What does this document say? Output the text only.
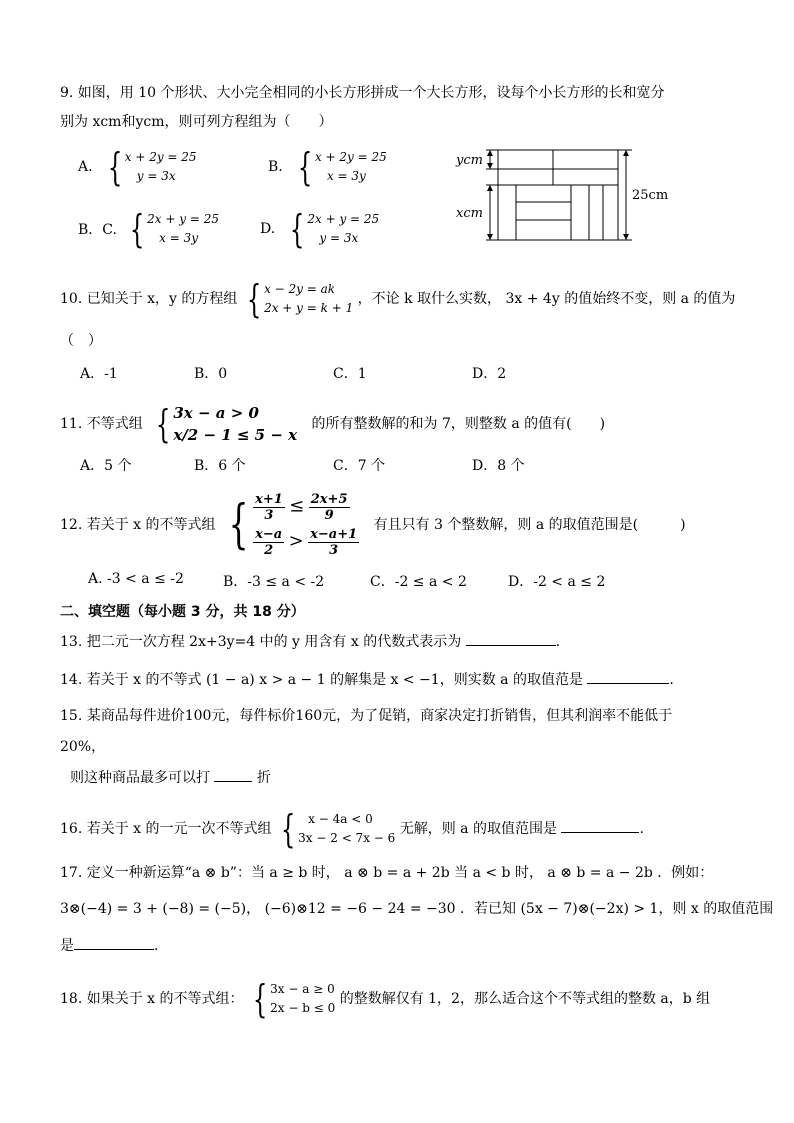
9. 如图，用 10 个形状、大小完全相同的小长方形拼成一个大长方形，设每个小长方形的长和宽分
别为 xcm和ycm，则可列方程组为（　　）
A. { x + 2y = 25
y = 3x
B. { x + 2y = 25
x = 3y
B．C. { 2x + y = 25
x = 3y
D. { 2x + y = 25
y = 3x
ycm
xcm
25cm
10. 已知关于 x，y 的方程组 { x − 2y = ak
2x + y = k + 1
，不论 k 取什么实数， 3x + 4y 的值始终不变，则 a 的值为
（　）
A．-1	B．0	C．1	D．2
11. 不等式组 { 3x − a > 0
x/2 − 1 ≤ 5 − x
的所有整数解的和为 7，则整数 a 的值有(　　)
A．5 个	B．6 个	C．7 个	D．8 个
12. 若关于 x 的不等式组 { $\frac{x+1}{3} \le \frac{2x+5}{9}$
$\frac{x-a}{2} > \frac{x-a+1}{3}$
有且只有 3 个整数解，则 a 的取值范围是(　　　)
A. -3 < a ≤ -2	B．-3 ≤ a < -2	C．-2 ≤ a < 2	D．-2 < a ≤ 2
二、填空题（每小题 3 分，共 18 分）
13. 把二元一次方程 2x+3y=4 中的 y 用含有 x 的代数式表示为	.
14. 若关于 x 的不等式 (1 − a) x > a − 1 的解集是 x < −1，则实数 a 的取值范是	.
15. 某商品每件进价100元，每件标价160元，为了促销，商家决定打折销售，但其利润率不能低于
20%，
则这种商品最多可以打	折
16. 若关于 x 的一元一次不等式组 {	x − 4a < 0
3x − 2 < 7x − 6
无解，则 a 的取值范围是	.
17. 定义一种新运算“a ⊗ b”：当 a ≥ b 时， a ⊗ b = a + 2b 当 a < b 时， a ⊗ b = a − 2b ．例如：
3⊗(−4) = 3 + (−8) = (−5)， (−6)⊗12 = −6 − 24 = −30 ．若已知 (5x − 7)⊗(−2x) > 1，则 x 的取值范围
是	.
18. 如果关于 x 的不等式组： { 3x − a ≥ 0
2x − b ≤ 0
的整数解仅有 1，2，那么适合这个不等式组的整数 a，b 组
